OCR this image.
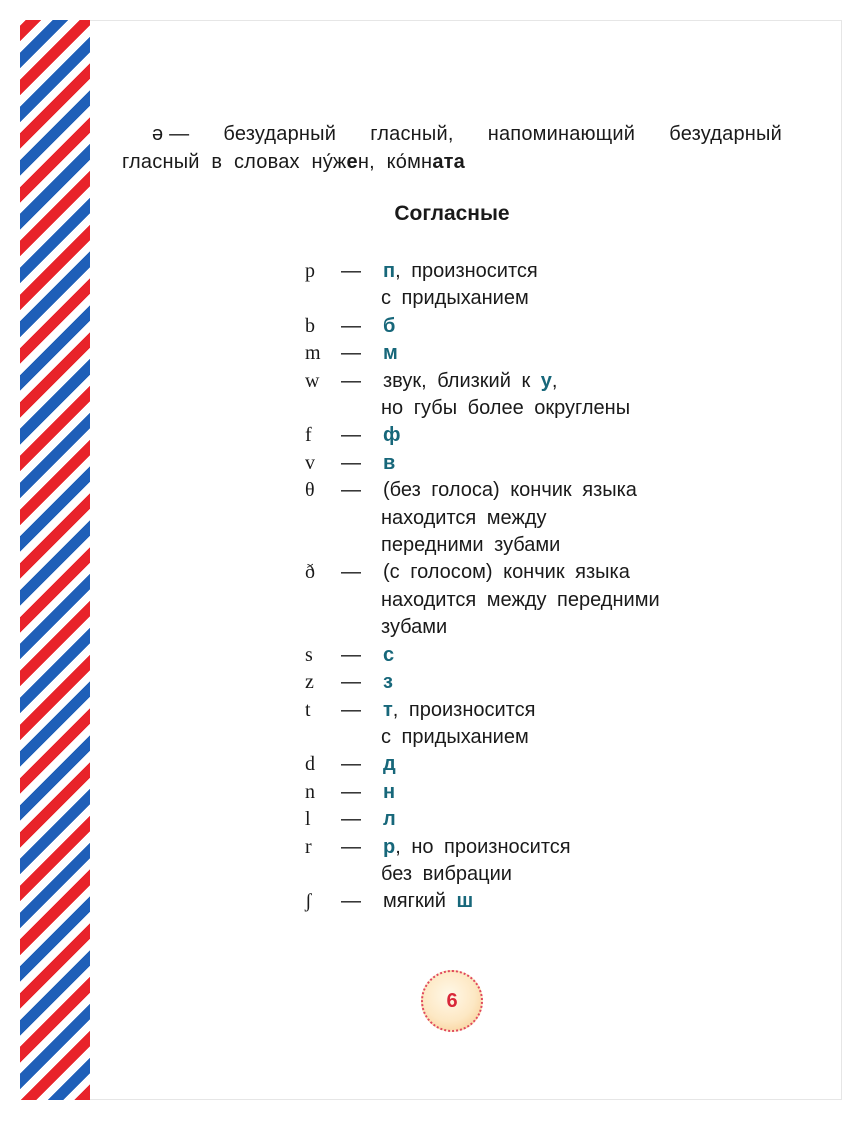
ə — безударный гласный, напоминающий безударный
гласный в словах ну́жен, ко́мната
Согласные
p	—	п, произносится
с придыханием
b	—	б
m	—	м
w	—	звук, близкий к у,
но губы более округлены
f	—	ф
v	—	в
θ	—	(без голоса) кончик языка
находится между
передними зубами
ð	—	(с голосом) кончик языка
находится между передними
зубами
s	—	с
z	—	з
t	—	т, произносится
с придыханием
d	—	д
n	—	н
l	—	л
r	—	р, но произносится
без вибрации
ʃ	—	мягкий ш
6
